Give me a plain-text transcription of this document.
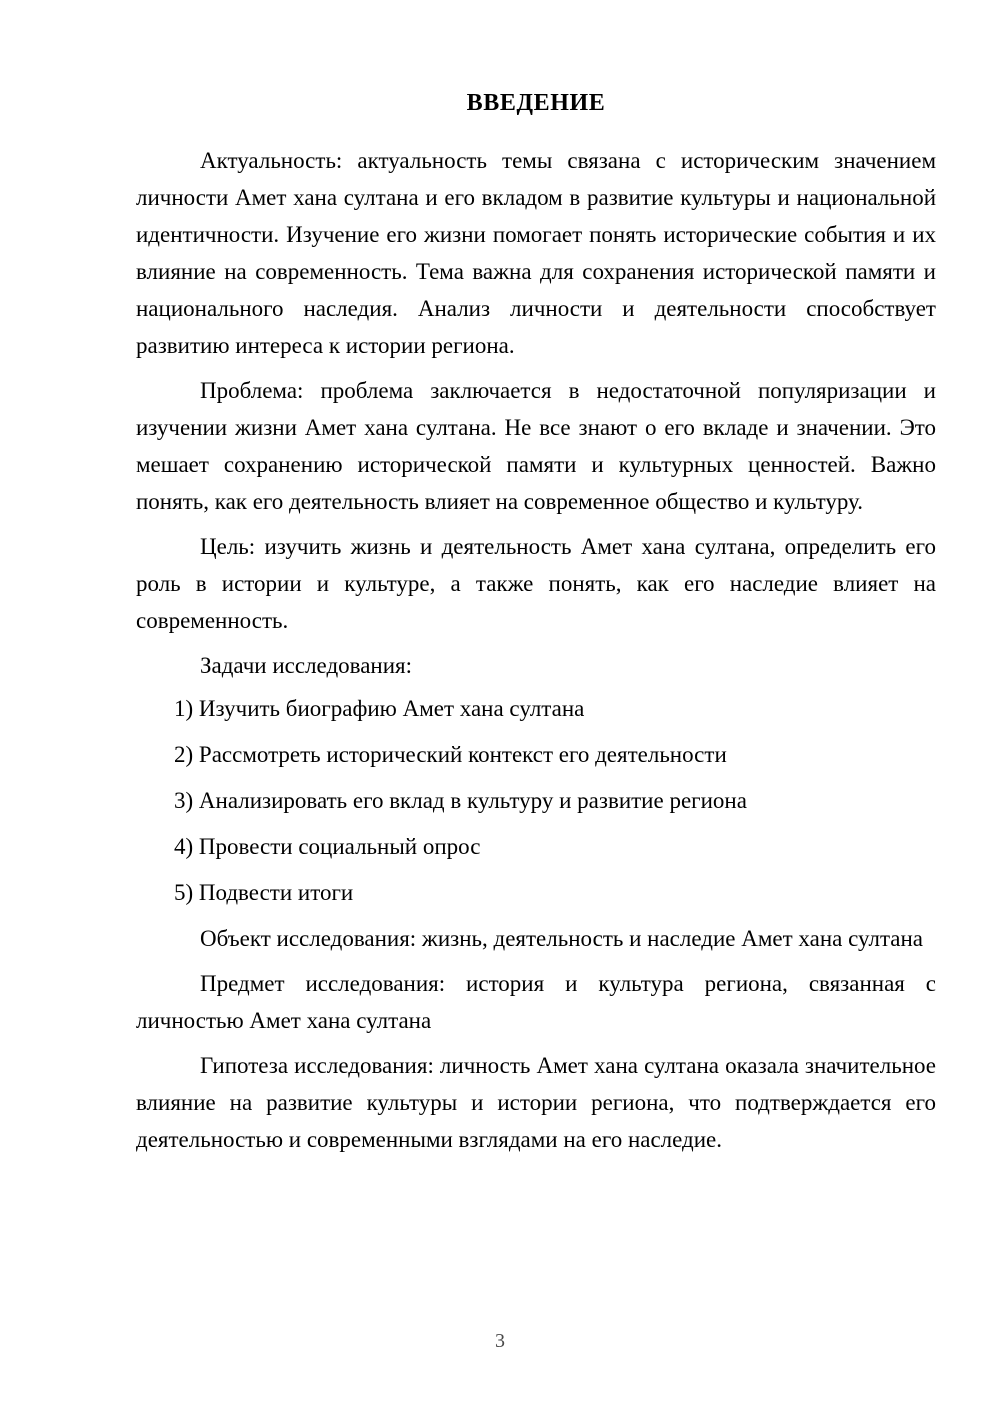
ВВЕДЕНИЕ

Актуальность: актуальность темы связана с историческим значением личности Амет хана султана и его вкладом в развитие культуры и национальной идентичности. Изучение его жизни помогает понять исторические события и их влияние на современность. Тема важна для сохранения исторической памяти и национального наследия. Анализ личности и деятельности способствует развитию интереса к истории региона.

Проблема: проблема заключается в недостаточной популяризации и изучении жизни Амет хана султана. Не все знают о его вкладе и значении. Это мешает сохранению исторической памяти и культурных ценностей. Важно понять, как его деятельность влияет на современное общество и культуру.

Цель: изучить жизнь и деятельность Амет хана султана, определить его роль в истории и культуре, а также понять, как его наследие влияет на современность.

Задачи исследования:

1) Изучить биографию Амет хана султана
2) Рассмотреть исторический контекст его деятельности
3) Анализировать его вклад в культуру и развитие региона
4) Провести социальный опрос
5) Подвести итоги

Объект исследования: жизнь, деятельность и наследие Амет хана султана

Предмет исследования: история и культура региона, связанная с личностью Амет хана султана

Гипотеза исследования: личность Амет хана султана оказала значительное влияние на развитие культуры и истории региона, что подтверждается его деятельностью и современными взглядами на его наследие.

3
